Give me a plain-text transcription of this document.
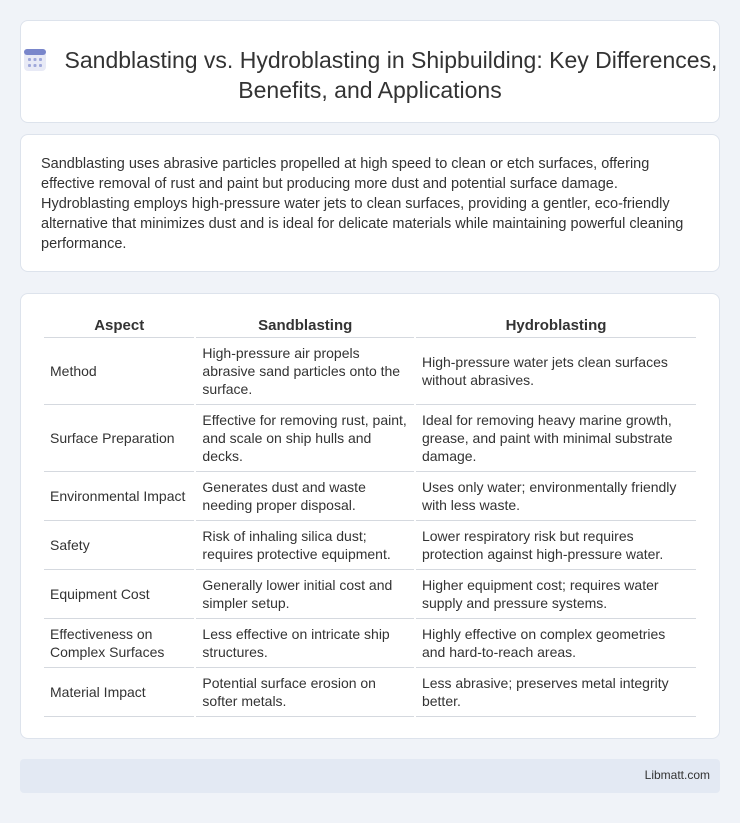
Sandblasting vs. Hydroblasting in Shipbuilding: Key Differences, Benefits, and Applications

Sandblasting uses abrasive particles propelled at high speed to clean or etch surfaces, offering effective removal of rust and paint but producing more dust and potential surface damage. Hydroblasting employs high-pressure water jets to clean surfaces, providing a gentler, eco-friendly alternative that minimizes dust and is ideal for delicate materials while maintaining powerful cleaning performance.

Aspect	Sandblasting	Hydroblasting
Method	High-pressure air propels abrasive sand particles onto the surface.	High-pressure water jets clean surfaces without abrasives.
Surface Preparation	Effective for removing rust, paint, and scale on ship hulls and decks.	Ideal for removing heavy marine growth, grease, and paint with minimal substrate damage.
Environmental Impact	Generates dust and waste needing proper disposal.	Uses only water; environmentally friendly with less waste.
Safety	Risk of inhaling silica dust; requires protective equipment.	Lower respiratory risk but requires protection against high-pressure water.
Equipment Cost	Generally lower initial cost and simpler setup.	Higher equipment cost; requires water supply and pressure systems.
Effectiveness on Complex Surfaces	Less effective on intricate ship structures.	Highly effective on complex geometries and hard-to-reach areas.
Material Impact	Potential surface erosion on softer metals.	Less abrasive; preserves metal integrity better.
Libmatt.com
